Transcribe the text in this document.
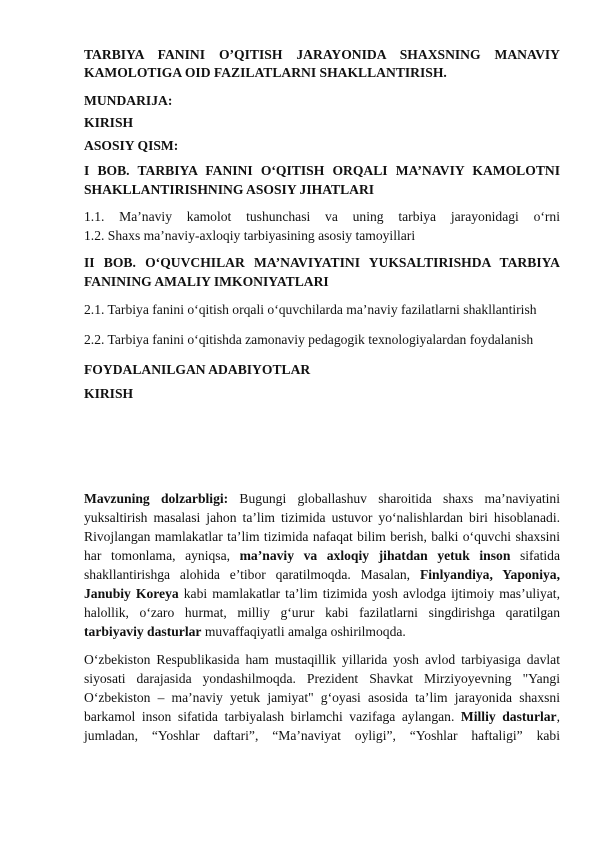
TARBIYA FANINI O’QITISH JARAYONIDA SHAXSNING MANAVIY KAMOLOTIGA OID FAZILATLARNI SHAKLLANTIRISH.

MUNDARIJA:

KIRISH

ASOSIY QISM:

I BOB. TARBIYA FANINI O‘QITISH ORQALI MA’NAVIY KAMOLOTNI SHAKLLANTIRISHNING ASOSIY JIHATLARI

1.1. Ma’naviy kamolot tushunchasi va uning tarbiya jarayonidagi o‘rni

1.2. Shaxs ma’naviy-axloqiy tarbiyasining asosiy tamoyillari

II BOB. O‘QUVCHILAR MA’NAVIYATINI YUKSALTIRISHDA TARBIYA FANINING AMALIY IMKONIYATLARI

2.1. Tarbiya fanini o‘qitish orqali o‘quvchilarda ma’naviy fazilatlarni shakllantirish

2.2. Tarbiya fanini o‘qitishda zamonaviy pedagogik texnologiyalardan foydalanish

FOYDALANILGAN ADABIYOTLAR

KIRISH

Mavzuning dolzarbligi: Bugungi globallashuv sharoitida shaxs ma’naviyatini yuksaltirish masalasi jahon ta’lim tizimida ustuvor yo‘nalishlardan biri hisoblanadi. Rivojlangan mamlakatlar ta’lim tizimida nafaqat bilim berish, balki o‘quvchi shaxsini har tomonlama, ayniqsa, ma’naviy va axloqiy jihatdan yetuk inson sifatida shakllantirishga alohida e’tibor qaratilmoqda. Masalan, Finlyandiya, Yaponiya, Janubiy Koreya kabi mamlakatlar ta’lim tizimida yosh avlodga ijtimoiy mas’uliyat, halollik, o‘zaro hurmat, milliy g‘urur kabi fazilatlarni singdirishga qaratilgan tarbiyaviy dasturlar muvaffaqiyatli amalga oshirilmoqda.

O‘zbekiston Respublikasida ham mustaqillik yillarida yosh avlod tarbiyasiga davlat siyosati darajasida yondashilmoqda. Prezident Shavkat Mirziyoyevning "Yangi O‘zbekiston – ma’naviy yetuk jamiyat" g‘oyasi asosida ta’lim jarayonida shaxsni barkamol inson sifatida tarbiyalash birlamchi vazifaga aylangan. Milliy dasturlar, jumladan, “Yoshlar daftari”, “Ma’naviyat oyligi”, “Yoshlar haftaligi” kabi
